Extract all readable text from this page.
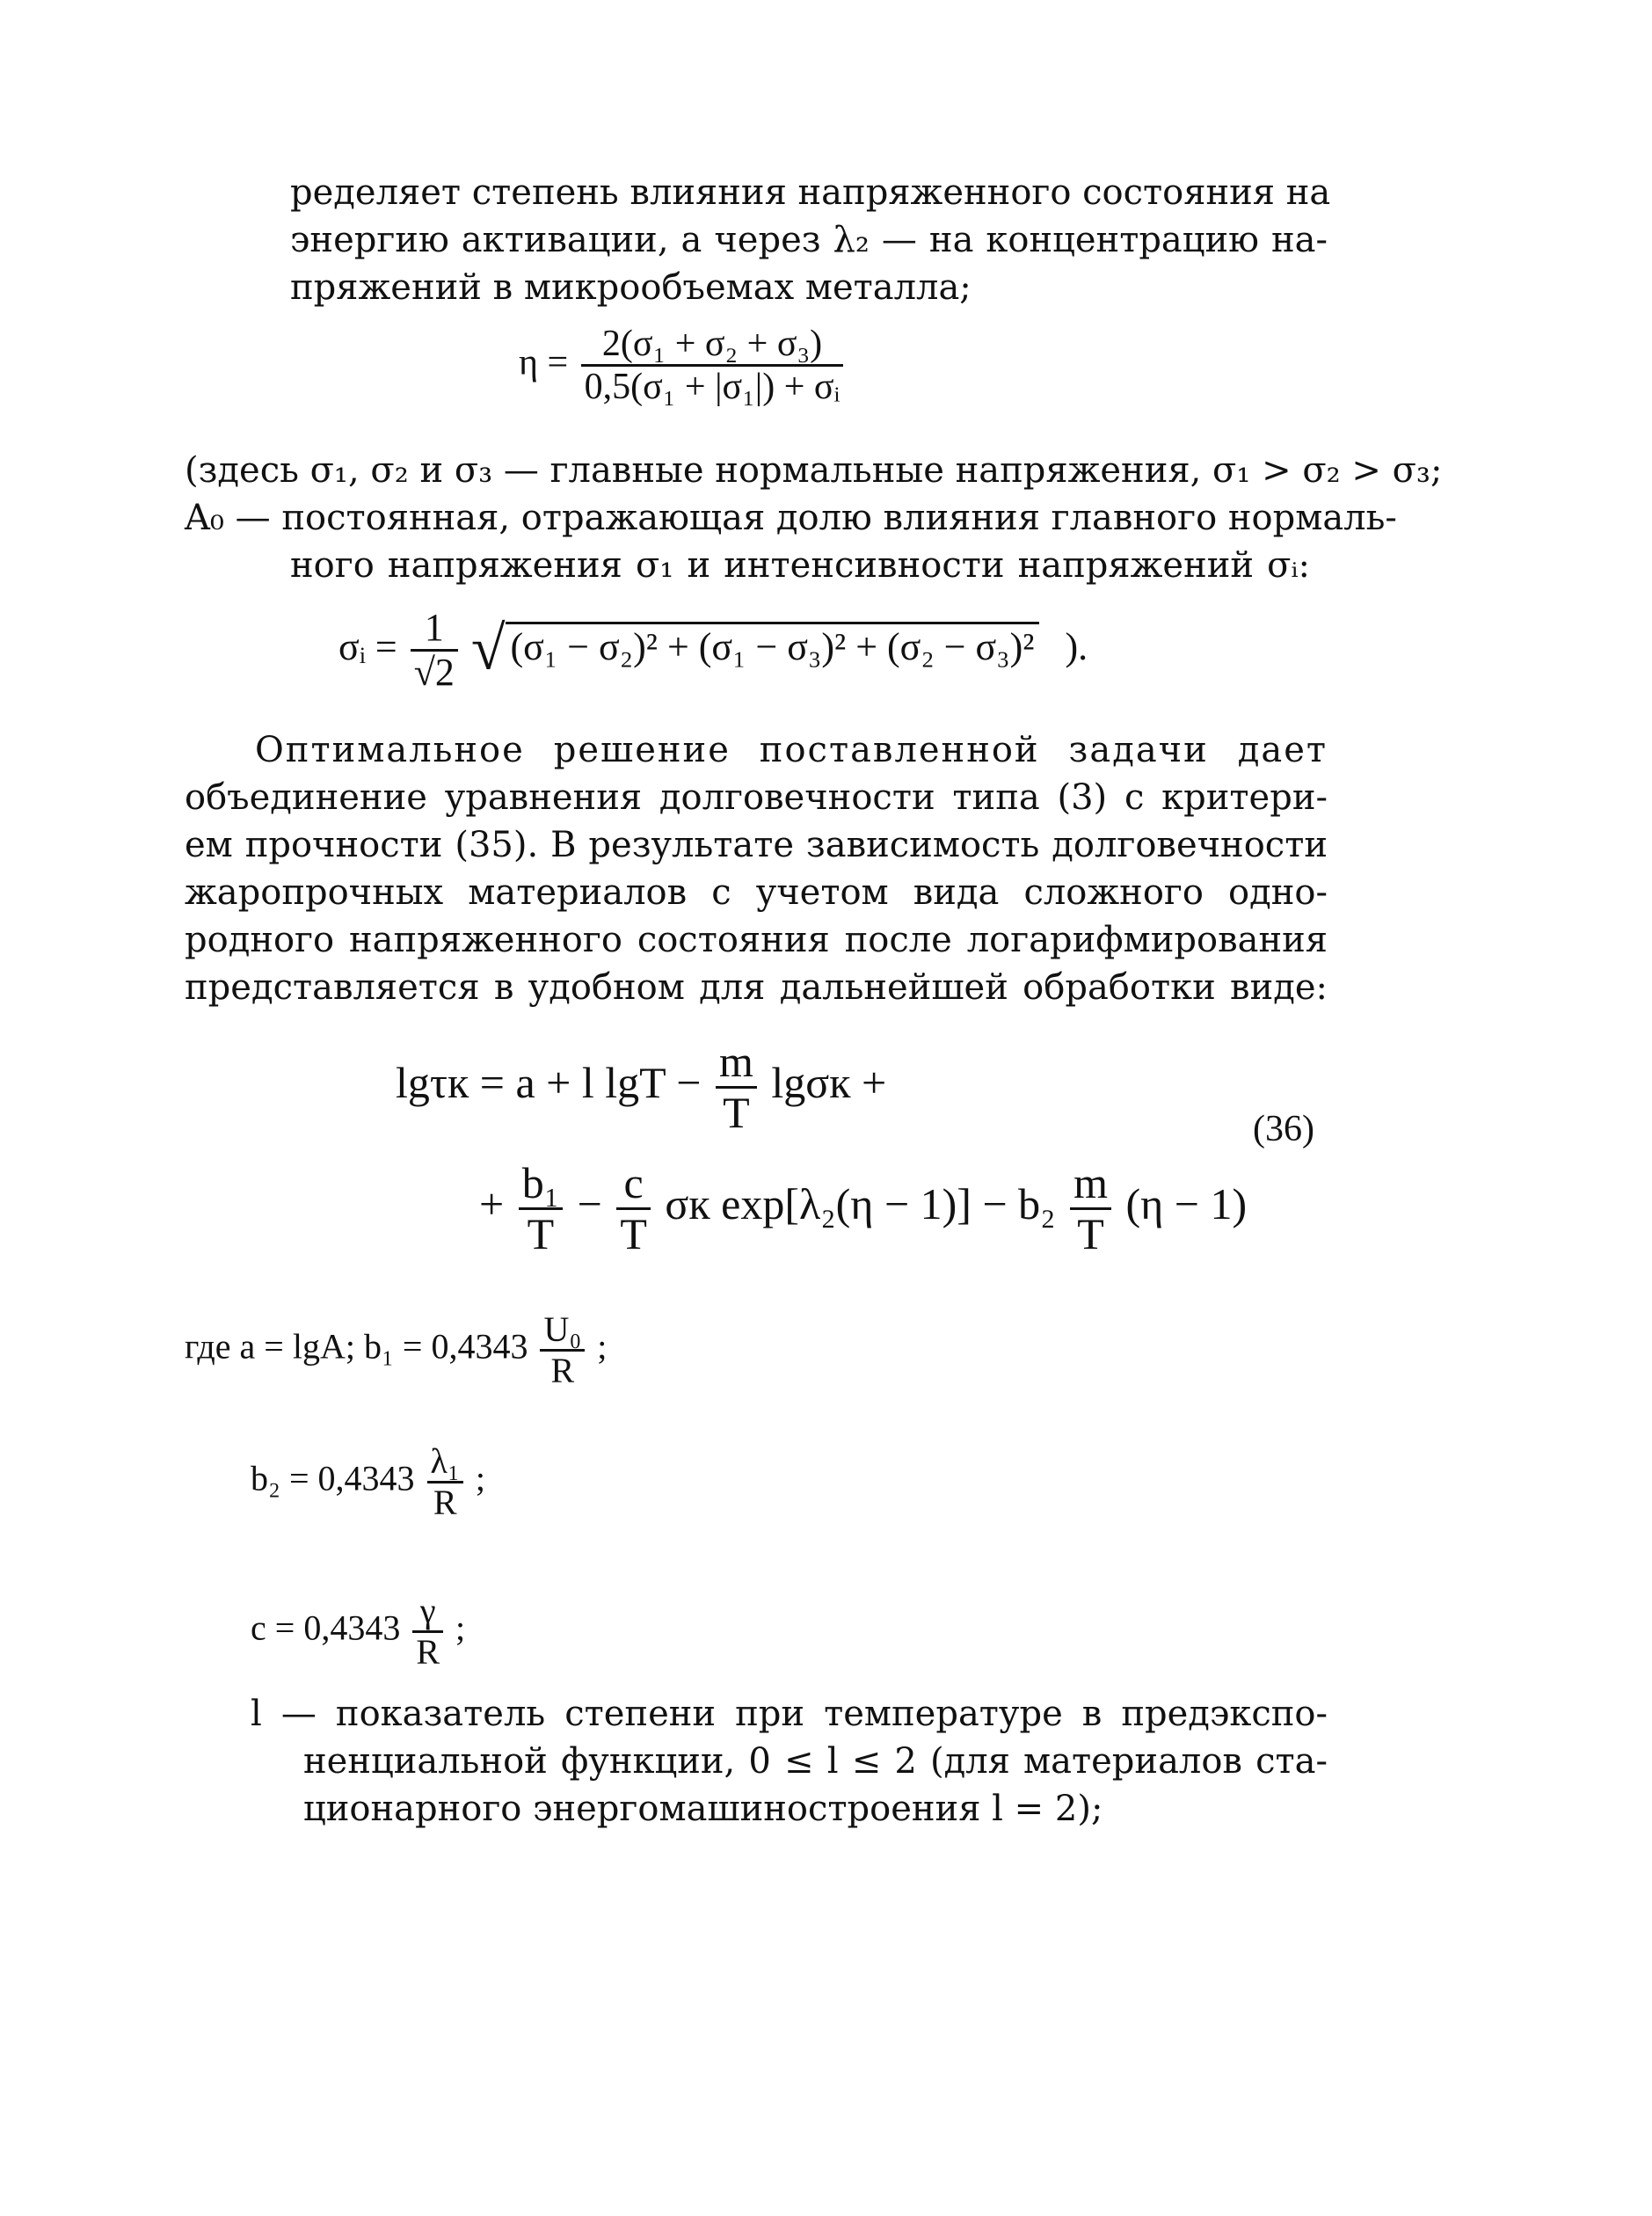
ределяет степень влияния напряженного состояния на
энергию активации, а через λ₂ — на концентрацию на-
пряжений в микрообъемах металла;
$\eta = \frac{\text{2(σ₁ + σ₂ + σ₃)}}{\text{0,5(σ₁ + |σ₁|) + σᵢ}}$
(здесь σ₁, σ₂ и σ₃ — главные нормальные напряжения, σ₁ > σ₂ > σ₃;
A₀ — постоянная, отражающая долю влияния главного нормаль-
ного напряжения σ₁ и интенсивности напряжений σᵢ:
σᵢ = $\frac{1}{√2}$ √ (σ₁ − σ₂)² + (σ₁ − σ₃)² + (σ₂ − σ₃)² ).
Оптимальное решение поставленной задачи дает
объединение уравнения долговечности типа (3) с критери-
ем прочности (35). В результате зависимость долговечности
жаропрочных материалов с учетом вида сложного одно-
родного напряженного состояния после логарифмирования
представляется в удобном для дальнейшей обработки виде:
lgτк = a + l $\lg T - \frac{m}{T}$ lgσк +
(36)
+ $\frac{\text{b₁}}{T} - \frac{c}{T}$ σк $\exp[\lambda_2(\eta - 1)] - b_2 \frac{m}{T} (\eta - 1)$
где a = lgA; $b_1 = 0,4343 \frac{\text{U₀}}{R}$ ;
$b_2 = 0,4343 \frac{\text{λ₁}}{R}$ ;
$c = 0,4343 \frac{\gamma}{R}$ ;
l — показатель степени при температуре в предэкспо-
ненциальной функции, 0 ≤ l ≤ 2 (для материалов ста-
ционарного энергомашиностроения l = 2);
